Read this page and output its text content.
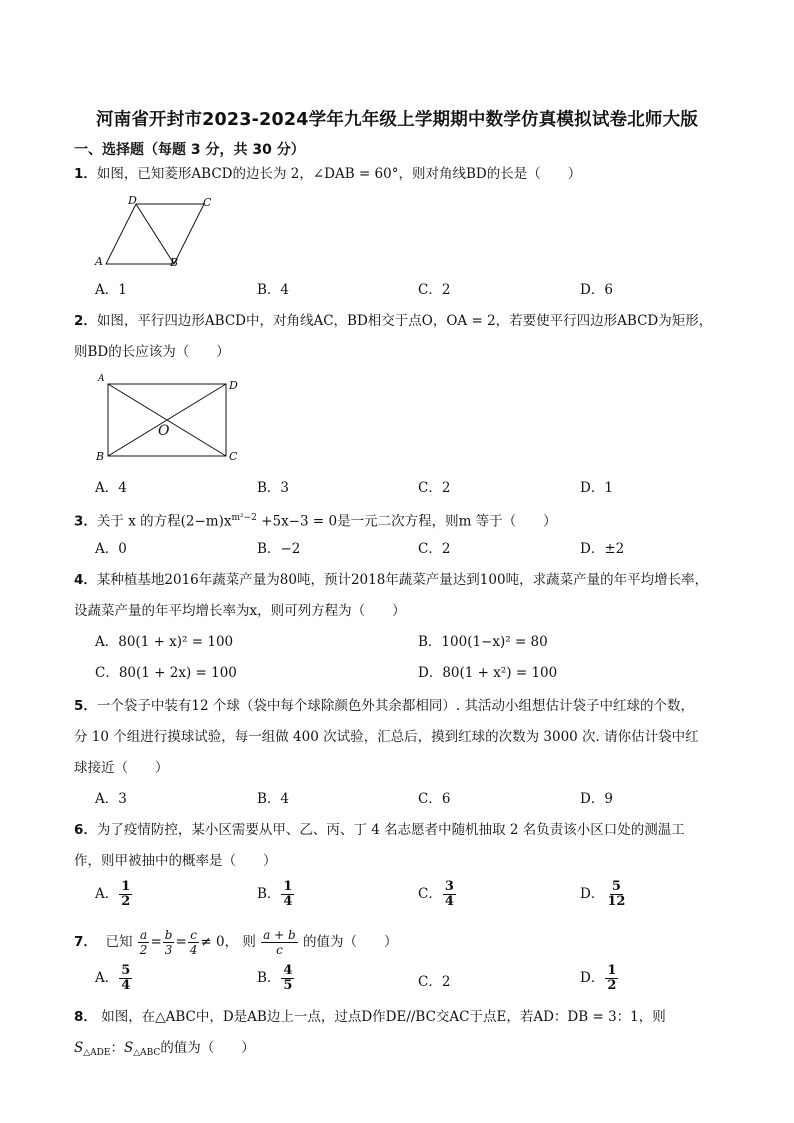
河南省开封市2023-2024学年九年级上学期期中数学仿真模拟试卷北师大版
一、选择题（每题 3 分，共 30 分）
1．如图，已知菱形ABCD的边长为 2，∠DAB = 60°，则对角线BD的长是（　　）
D	C
A	B
A．1	B．4	C．2	D．6
2．如图，平行四边形ABCD中，对角线AC，BD相交于点O，OA = 2，若要使平行四边形ABCD为矩形，
则BD的长应该为（　　）
A	D
O
B	C
A．4	B．3	C．2	D．1
3．关于 x 的方程$(2-m)x^{m^2-2} +5x-3 = 0$是一元二次方程，则m 等于（　　）
A．0	B．−2	C．2	D．±2
4．某种植基地2016年蔬菜产量为80吨，预计2018年蔬菜产量达到100吨，求蔬菜产量的年平均增长率，
设蔬菜产量的年平均增长率为x，则可列方程为（　　）
A．80(1 + x)² = 100	B．100(1−x)² = 80
C．80(1 + 2x) = 100	D．80(1 + x²) = 100
5．一个袋子中装有12 个球（袋中每个球除颜色外其余都相同）. 其活动小组想估计袋子中红球的个数，
分 10 个组进行摸球试验，每一组做 400 次试验，汇总后，摸到红球的次数为 3000 次. 请你估计袋中红
球接近（　　）
A．3	B．4	C．6	D．9
6．为了疫情防控，某小区需要从甲、乙、丙、丁 4 名志愿者中随机抽取 2 名负责该小区口处的测温工
作，则甲被抽中的概率是（　　）
A． $\frac{1}{2}$	B． $\frac{1}{4}$	C． $\frac{3}{4}$	D． $\frac{5}{12}$
7． 已知 $\frac{a}{2} = \frac{b}{3} = \frac{c}{4} \ne 0$， 则 $\frac{a + b}{c}$ 的值为（　　）
A． $\frac{5}{4}$	B． $\frac{4}{5}$	C．2	D． $\frac{1}{2}$
8． 如图，在△ABC中，D是AB边上一点，过点D作DE//BC交AC于点E，若AD：DB = 3：1，则
$S_{\triangle ADE}$：$S_{\triangle ABC}$的值为（　　）
